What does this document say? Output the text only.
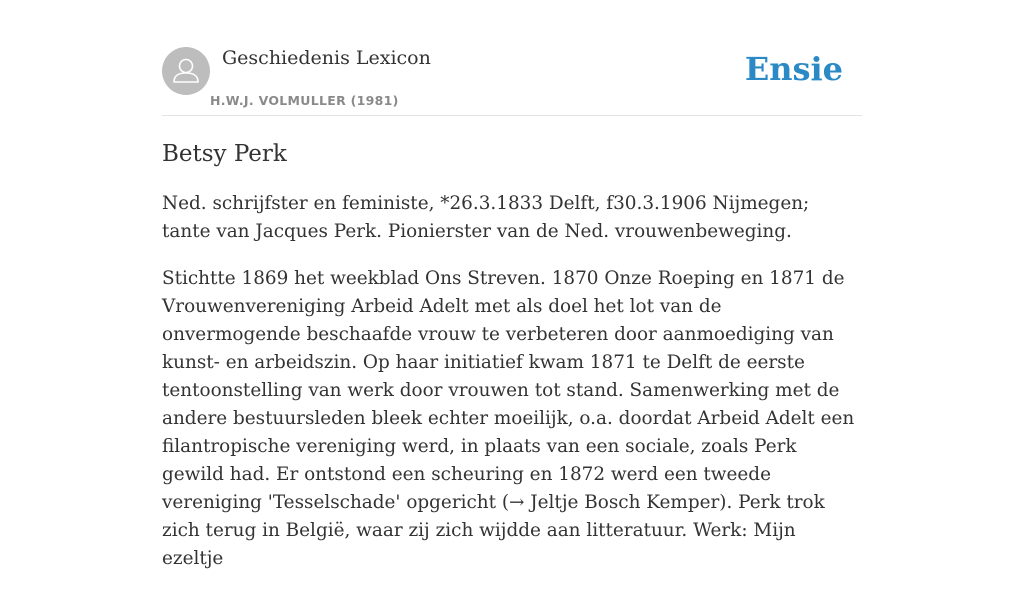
Geschiedenis Lexicon
H.W.J. VOLMULLER (1981)
Ensie
Betsy Perk

Ned. schrijfster en feministe, *26.3.1833 Delft, f30.3.1906 Nijmegen; tante van Jacques Perk. Pionierster van de Ned. vrouwenbeweging.

Stichtte 1869 het weekblad Ons Streven. 1870 Onze Roeping en 1871 de Vrouwenvereniging Arbeid Adelt met als doel het lot van de onvermogende beschaafde vrouw te verbeteren door aanmoediging van kunst- en arbeidszin. Op haar initiatief kwam 1871 te Delft de eerste tentoonstelling van werk door vrouwen tot stand. Samenwerking met de andere bestuursleden bleek echter moeilijk, o.a. doordat Arbeid Adelt een filantropische vereniging werd, in plaats van een sociale, zoals Perk gewild had. Er ontstond een scheuring en 1872 werd een tweede vereniging 'Tesselschade' opgericht (→ Jeltje Bosch Kemper). Perk trok zich terug in België, waar zij zich wijdde aan litteratuur. Werk: Mijn ezeltje
